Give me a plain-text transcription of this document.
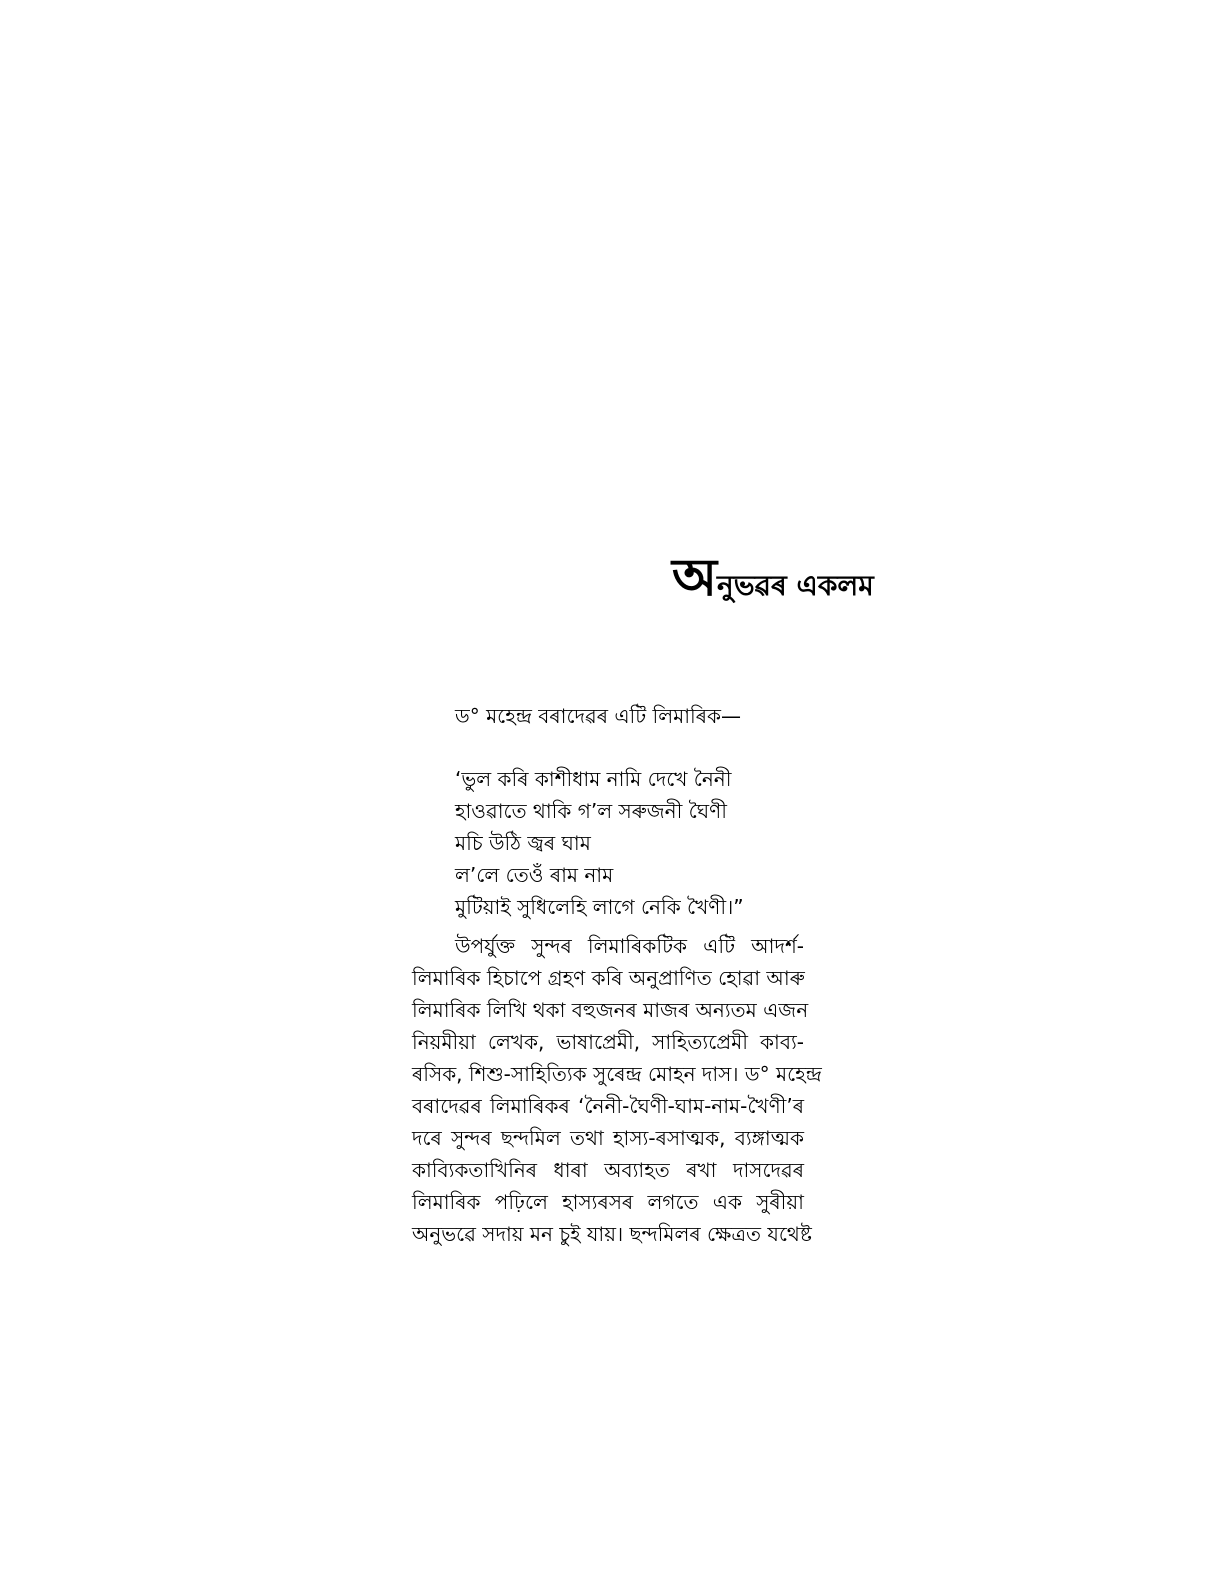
অনুভৱৰ একলম
ড° মহেন্দ্ৰ বৰাদেৱৰ এটি লিমাৰিক—
‘ভুল কৰি কাশীধাম নামি দেখে নৈনী
হাওৱাতে থাকি গ’ল সৰুজনী ঘৈণী
মচি উঠি জ্বৰ ঘাম
ল’লে তেওঁ ৰাম নাম
মুটিয়াই সুধিলেহি লাগে নেকি খৈণী।”
উপৰ্যুক্ত সুন্দৰ লিমাৰিকটিক এটি আদৰ্শ-
লিমাৰিক হিচাপে গ্ৰহণ কৰি অনুপ্ৰাণিত হোৱা আৰু
লিমাৰিক লিখি থকা বহুজনৰ মাজৰ অন্যতম এজন
নিয়মীয়া লেখক, ভাষাপ্ৰেমী, সাহিত্যপ্ৰেমী কাব্য-
ৰসিক, শিশু-সাহিত্যিক সুৰেন্দ্ৰ মোহন দাস। ড° মহেন্দ্ৰ
বৰাদেৱৰ লিমাৰিকৰ ‘নৈনী-ঘৈণী-ঘাম-নাম-খৈণী’ৰ
দৰে সুন্দৰ ছন্দমিল তথা হাস্য-ৰসাত্মক, ব্যঙ্গাত্মক
কাব্যিকতাখিনিৰ ধাৰা অব্যাহত ৰখা দাসদেৱৰ
লিমাৰিক পঢ়িলে হাস্যৰসৰ লগতে এক সুৰীয়া
অনুভৱে সদায় মন চুই যায়। ছন্দমিলৰ ক্ষেত্ৰত যথেষ্ট
